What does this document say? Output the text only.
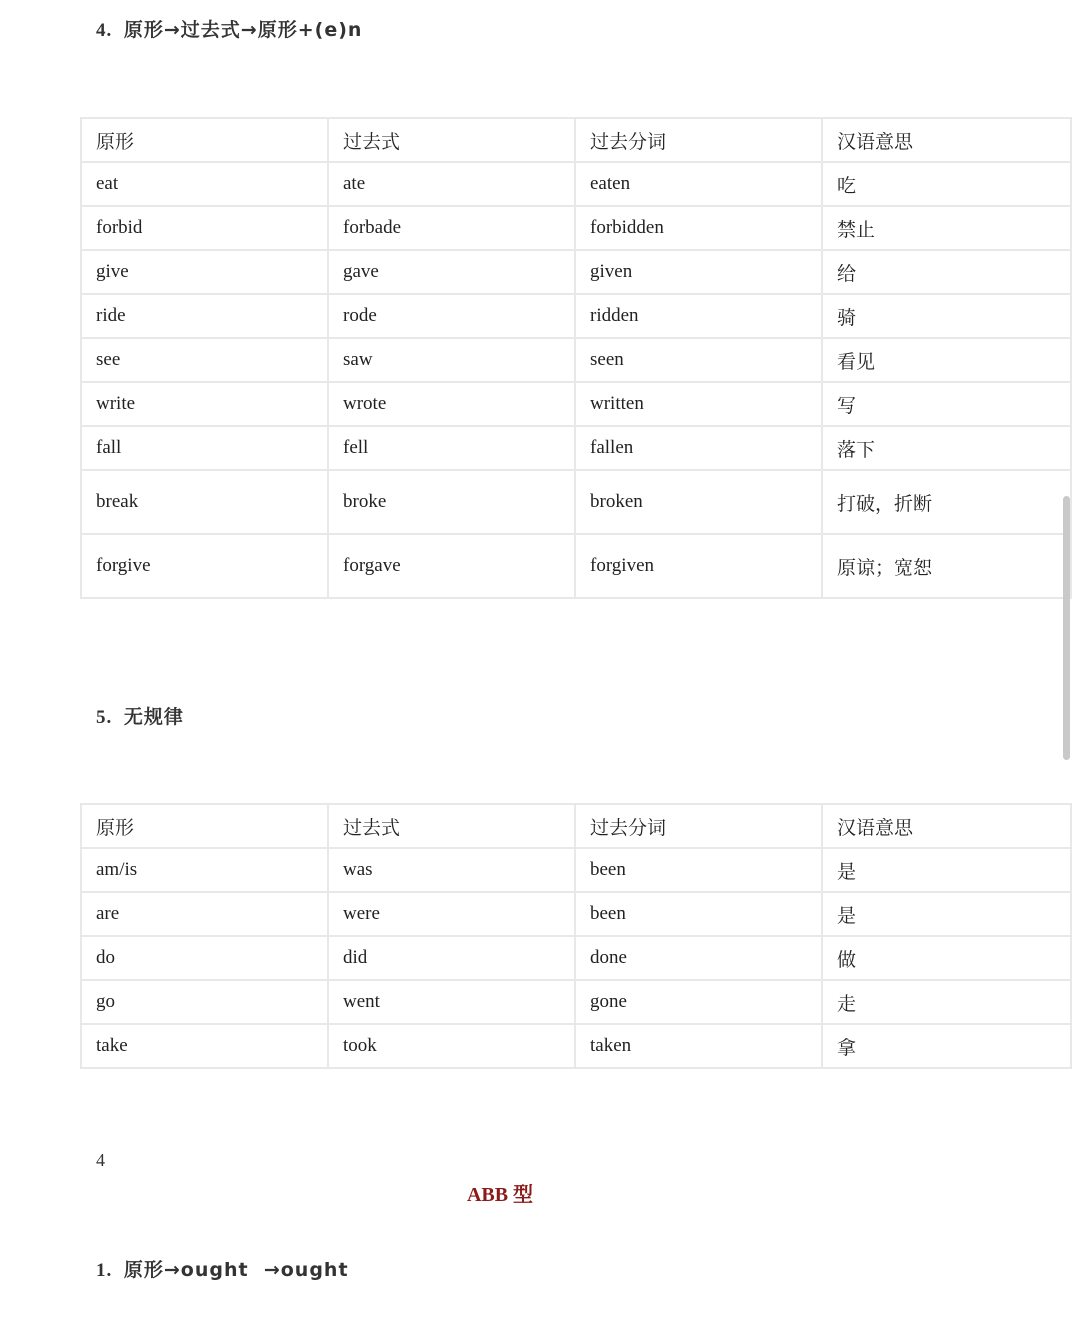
4. 原形→过去式→原形+(e)n
原形	过去式	过去分词	汉语意思
eat	ate	eaten	吃
forbid	forbade	forbidden	禁止
give	gave	given	给
ride	rode	ridden	骑
see	saw	seen	看见
write	wrote	written	写
fall	fell	fallen	落下
break	broke	broken	打破，折断
forgive	forgave	forgiven	原谅；宽恕
5. 无规律
原形	过去式	过去分词	汉语意思
am/is	was	been	是
are	were	been	是
do	did	done	做
go	went	gone	走
take	took	taken	拿
4
ABB 型
1. 原形→ought  →ought
